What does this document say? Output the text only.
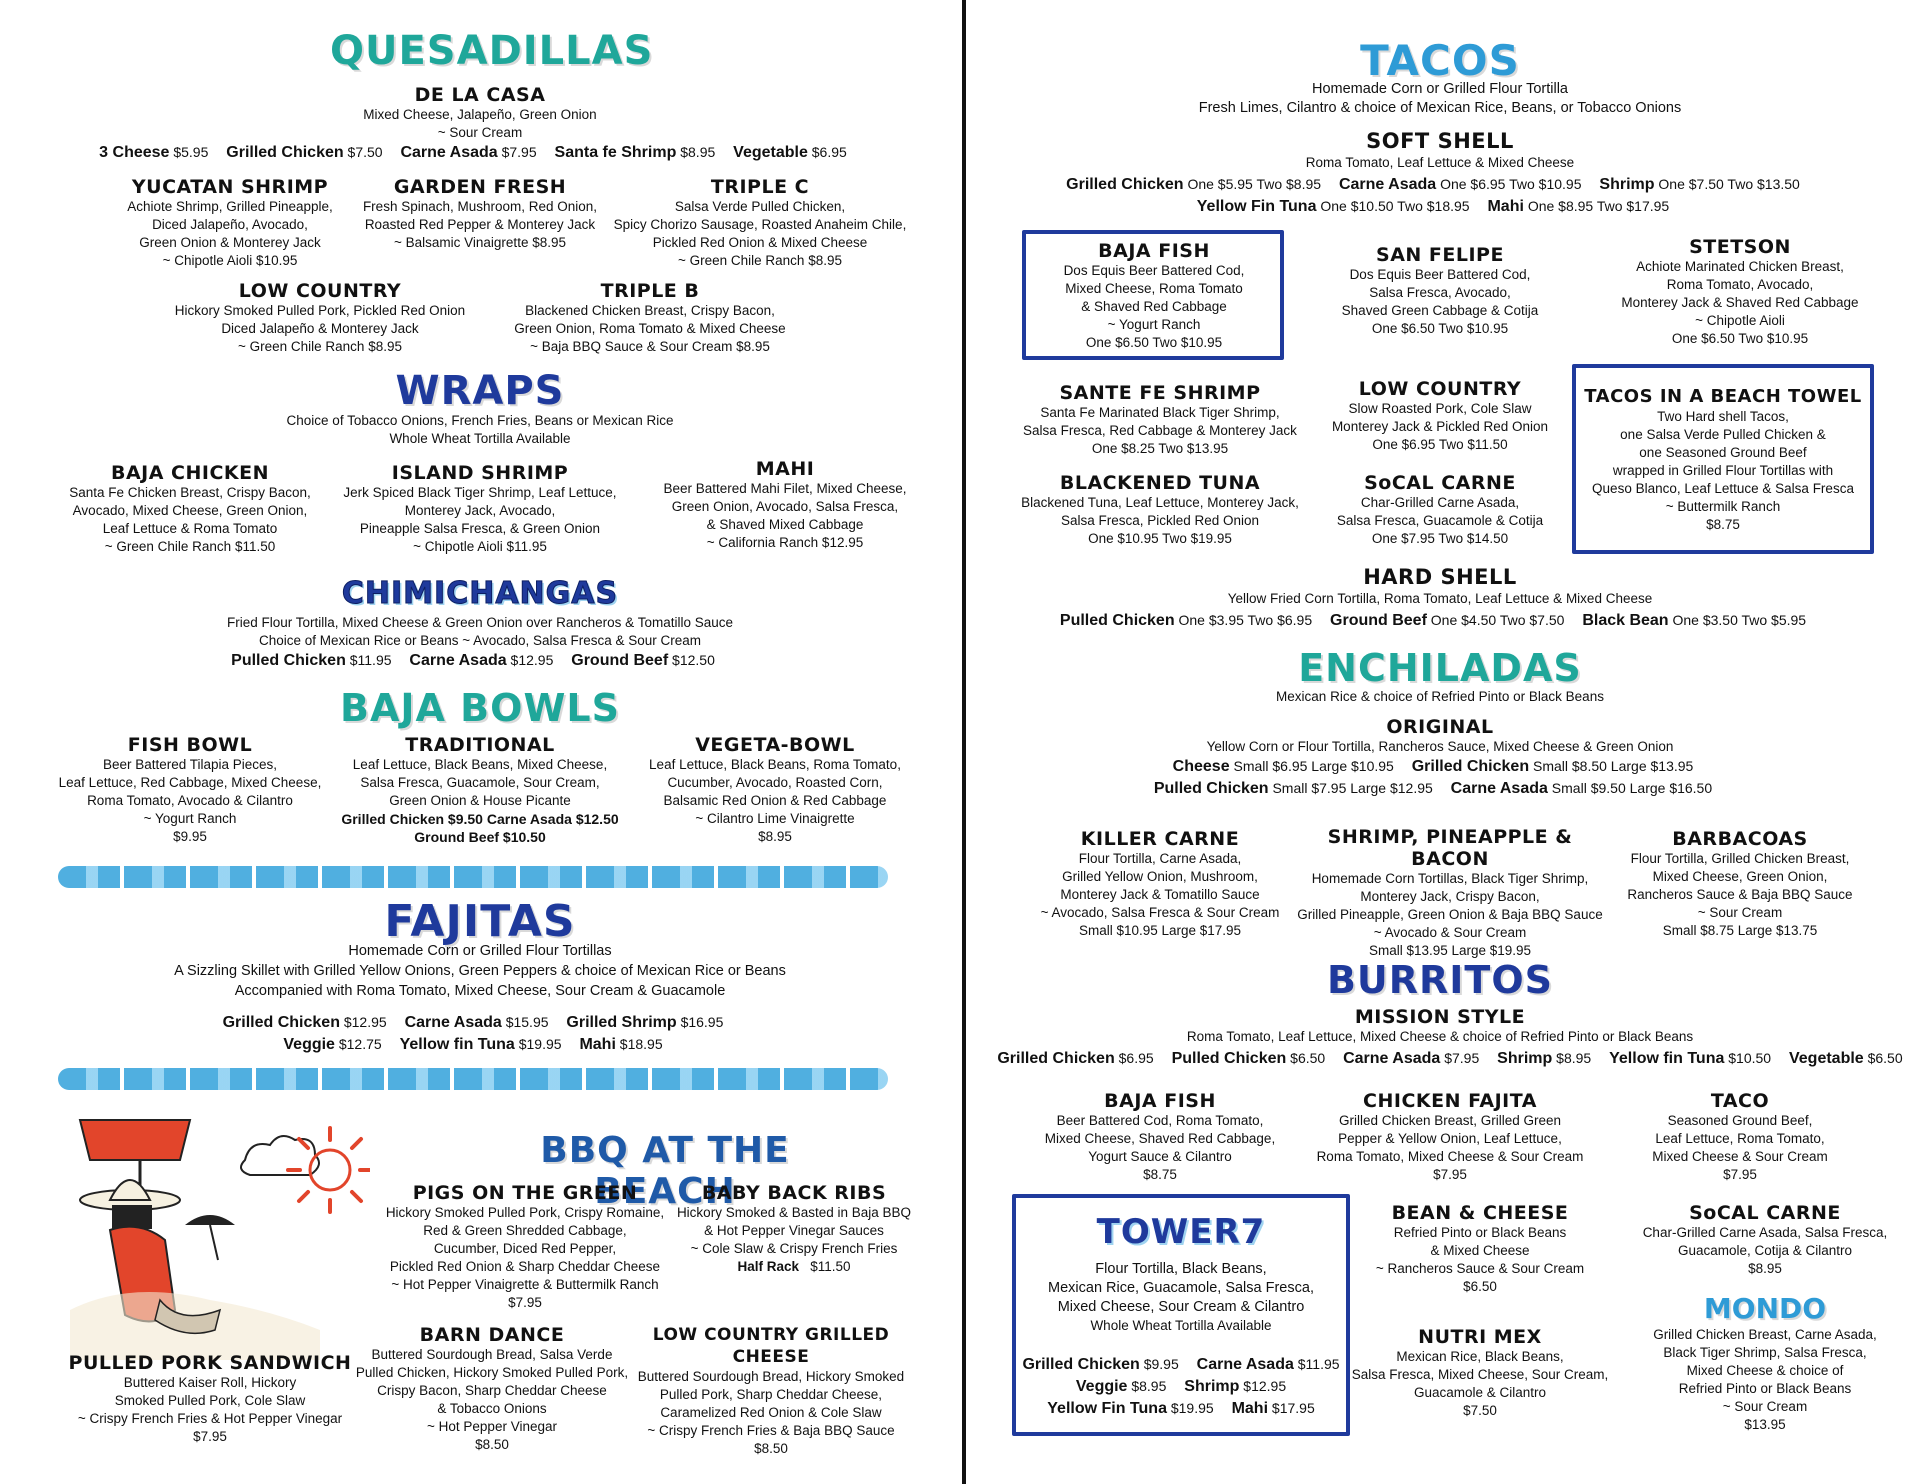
QUESADILLAS
DE LA CASA
Mixed Cheese, Jalapeño, Green Onion
~ Sour Cream
3 Cheese $5.95 Grilled Chicken $7.50 Carne Asada $7.95 Santa fe Shrimp $8.95 Vegetable $6.95
YUCATAN SHRIMP
Achiote Shrimp, Grilled Pineapple,
Diced Jalapeño, Avocado,
Green Onion & Monterey Jack
~ Chipotle Aioli $10.95
GARDEN FRESH
Fresh Spinach, Mushroom, Red Onion,
Roasted Red Pepper & Monterey Jack
~ Balsamic Vinaigrette $8.95
TRIPLE C
Salsa Verde Pulled Chicken,
Spicy Chorizo Sausage, Roasted Anaheim Chile,
Pickled Red Onion & Mixed Cheese
~ Green Chile Ranch $8.95
LOW COUNTRY
Hickory Smoked Pulled Pork, Pickled Red Onion
Diced Jalapeño & Monterey Jack
~ Green Chile Ranch $8.95
TRIPLE B
Blackened Chicken Breast, Crispy Bacon,
Green Onion, Roma Tomato & Mixed Cheese
~ Baja BBQ Sauce & Sour Cream $8.95
WRAPS
Choice of Tobacco Onions, French Fries, Beans or Mexican Rice
Whole Wheat Tortilla Available
BAJA CHICKEN
Santa Fe Chicken Breast, Crispy Bacon,
Avocado, Mixed Cheese, Green Onion,
Leaf Lettuce & Roma Tomato
~ Green Chile Ranch $11.50
ISLAND SHRIMP
Jerk Spiced Black Tiger Shrimp, Leaf Lettuce,
Monterey Jack, Avocado,
Pineapple Salsa Fresca, & Green Onion
~ Chipotle Aioli $11.95
MAHI
Beer Battered Mahi Filet, Mixed Cheese,
Green Onion, Avocado, Salsa Fresca,
& Shaved Mixed Cabbage
~ California Ranch $12.95
CHIMICHANGAS
Fried Flour Tortilla, Mixed Cheese & Green Onion over Rancheros & Tomatillo Sauce
Choice of Mexican Rice or Beans ~ Avocado, Salsa Fresca & Sour Cream
Pulled Chicken $11.95 Carne Asada $12.95 Ground Beef $12.50
BAJA BOWLS
FISH BOWL
Beer Battered Tilapia Pieces,
Leaf Lettuce, Red Cabbage, Mixed Cheese,
Roma Tomato, Avocado & Cilantro
~ Yogurt Ranch
$9.95
TRADITIONAL
Leaf Lettuce, Black Beans, Mixed Cheese,
Salsa Fresca, Guacamole, Sour Cream,
Green Onion & House Picante
Grilled Chicken $9.50 Carne Asada $12.50
Ground Beef $10.50
VEGETA-BOWL
Leaf Lettuce, Black Beans, Roma Tomato,
Cucumber, Avocado, Roasted Corn,
Balsamic Red Onion & Red Cabbage
~ Cilantro Lime Vinaigrette
$8.95
FAJITAS
Homemade Corn or Grilled Flour Tortillas
A Sizzling Skillet with Grilled Yellow Onions, Green Peppers & choice of Mexican Rice or Beans
Accompanied with Roma Tomato, Mixed Cheese, Sour Cream & Guacamole
Grilled Chicken $12.95 Carne Asada $15.95 Grilled Shrimp $16.95
Veggie $12.75 Yellow fin Tuna $19.95 Mahi $18.95
BBQ AT THE BEACH
PIGS ON THE GREEN
Hickory Smoked Pulled Pork, Crispy Romaine,
Red & Green Shredded Cabbage,
Cucumber, Diced Red Pepper,
Pickled Red Onion & Sharp Cheddar Cheese
~ Hot Pepper Vinaigrette & Buttermilk Ranch
$7.95
BABY BACK RIBS
Hickory Smoked & Basted in Baja BBQ
& Hot Pepper Vinegar Sauces
~ Cole Slaw & Crispy French Fries
Half Rack $11.50
PULLED PORK SANDWICH
Buttered Kaiser Roll, Hickory
Smoked Pulled Pork, Cole Slaw
~ Crispy French Fries & Hot Pepper Vinegar
$7.95
BARN DANCE
Buttered Sourdough Bread, Salsa Verde
Pulled Chicken, Hickory Smoked Pulled Pork,
Crispy Bacon, Sharp Cheddar Cheese
& Tobacco Onions
~ Hot Pepper Vinegar
$8.50
LOW COUNTRY GRILLED CHEESE
Buttered Sourdough Bread, Hickory Smoked
Pulled Pork, Sharp Cheddar Cheese,
Caramelized Red Onion & Cole Slaw
~ Crispy French Fries & Baja BBQ Sauce
$8.50
TACOS
Homemade Corn or Grilled Flour Tortilla
Fresh Limes, Cilantro & choice of Mexican Rice, Beans, or Tobacco Onions
SOFT SHELL
Roma Tomato, Leaf Lettuce & Mixed Cheese
Grilled Chicken One $5.95 Two $8.95 Carne Asada One $6.95 Two $10.95 Shrimp One $7.50 Two $13.50
Yellow Fin Tuna One $10.50 Two $18.95 Mahi One $8.95 Two $17.95
BAJA FISH
Dos Equis Beer Battered Cod,
Mixed Cheese, Roma Tomato
& Shaved Red Cabbage
~ Yogurt Ranch
One $6.50 Two $10.95
SAN FELIPE
Dos Equis Beer Battered Cod,
Salsa Fresca, Avocado,
Shaved Green Cabbage & Cotija
One $6.50 Two $10.95
STETSON
Achiote Marinated Chicken Breast,
Roma Tomato, Avocado,
Monterey Jack & Shaved Red Cabbage
~ Chipotle Aioli
One $6.50 Two $10.95
SANTE FE SHRIMP
Santa Fe Marinated Black Tiger Shrimp,
Salsa Fresca, Red Cabbage & Monterey Jack
One $8.25 Two $13.95
LOW COUNTRY
Slow Roasted Pork, Cole Slaw
Monterey Jack & Pickled Red Onion
One $6.95 Two $11.50
TACOS IN A BEACH TOWEL
Two Hard shell Tacos,
one Salsa Verde Pulled Chicken &
one Seasoned Ground Beef
wrapped in Grilled Flour Tortillas with
Queso Blanco, Leaf Lettuce & Salsa Fresca
~ Buttermilk Ranch
$8.75
BLACKENED TUNA
Blackened Tuna, Leaf Lettuce, Monterey Jack,
Salsa Fresca, Pickled Red Onion
One $10.95 Two $19.95
SoCAL CARNE
Char-Grilled Carne Asada,
Salsa Fresca, Guacamole & Cotija
One $7.95 Two $14.50
HARD SHELL
Yellow Fried Corn Tortilla, Roma Tomato, Leaf Lettuce & Mixed Cheese
Pulled Chicken One $3.95 Two $6.95 Ground Beef One $4.50 Two $7.50 Black Bean One $3.50 Two $5.95
ENCHILADAS
Mexican Rice & choice of Refried Pinto or Black Beans
ORIGINAL
Yellow Corn or Flour Tortilla, Rancheros Sauce, Mixed Cheese & Green Onion
Cheese Small $6.95 Large $10.95 Grilled Chicken Small $8.50 Large $13.95
Pulled Chicken Small $7.95 Large $12.95 Carne Asada Small $9.50 Large $16.50
KILLER CARNE
Flour Tortilla, Carne Asada,
Grilled Yellow Onion, Mushroom,
Monterey Jack & Tomatillo Sauce
~ Avocado, Salsa Fresca & Sour Cream
Small $10.95 Large $17.95
SHRIMP, PINEAPPLE & BACON
Homemade Corn Tortillas, Black Tiger Shrimp,
Monterey Jack, Crispy Bacon,
Grilled Pineapple, Green Onion & Baja BBQ Sauce
~ Avocado & Sour Cream
Small $13.95 Large $19.95
BARBACOAS
Flour Tortilla, Grilled Chicken Breast,
Mixed Cheese, Green Onion,
Rancheros Sauce & Baja BBQ Sauce
~ Sour Cream
Small $8.75 Large $13.75
BURRITOS
MISSION STYLE
Roma Tomato, Leaf Lettuce, Mixed Cheese & choice of Refried Pinto or Black Beans
Grilled Chicken $6.95 Pulled Chicken $6.50 Carne Asada $7.95 Shrimp $8.95 Yellow fin Tuna $10.50 Vegetable $6.50
BAJA FISH
Beer Battered Cod, Roma Tomato,
Mixed Cheese, Shaved Red Cabbage,
Yogurt Sauce & Cilantro
$8.75
CHICKEN FAJITA
Grilled Chicken Breast, Grilled Green
Pepper & Yellow Onion, Leaf Lettuce,
Roma Tomato, Mixed Cheese & Sour Cream
$7.95
TACO
Seasoned Ground Beef,
Leaf Lettuce, Roma Tomato,
Mixed Cheese & Sour Cream
$7.95
TOWER7
Flour Tortilla, Black Beans,
Mexican Rice, Guacamole, Salsa Fresca,
Mixed Cheese, Sour Cream & Cilantro
Whole Wheat Tortilla Available
Grilled Chicken $9.95 Carne Asada $11.95
Veggie $8.95 Shrimp $12.95
Yellow Fin Tuna $19.95 Mahi $17.95
BEAN & CHEESE
Refried Pinto or Black Beans
& Mixed Cheese
~ Rancheros Sauce & Sour Cream
$6.50
SoCAL CARNE
Char-Grilled Carne Asada, Salsa Fresca,
Guacamole, Cotija & Cilantro
$8.95
NUTRI MEX
Mexican Rice, Black Beans,
Salsa Fresca, Mixed Cheese, Sour Cream,
Guacamole & Cilantro
$7.50
MONDO
Grilled Chicken Breast, Carne Asada,
Black Tiger Shrimp, Salsa Fresca,
Mixed Cheese & choice of
Refried Pinto or Black Beans
~ Sour Cream
$13.95
